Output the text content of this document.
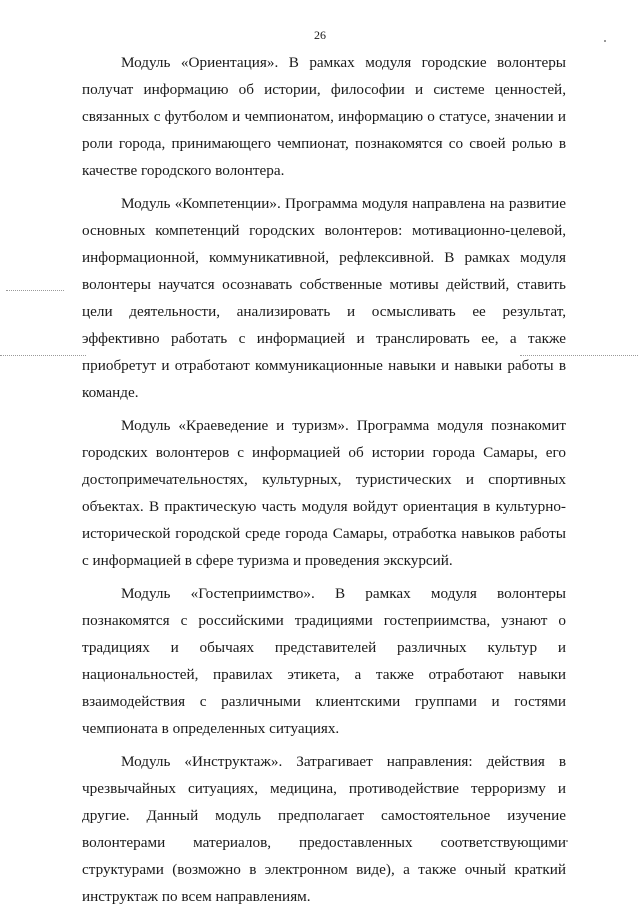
26

Модуль «Ориентация». В рамках модуля городские волонтеры получат информацию об истории, философии и системе ценностей, связанных с футболом и чемпионатом, информацию о статусе, значении и роли города, принимающего чемпионат, познакомятся со своей ролью в качестве городского волонтера.

Модуль «Компетенции». Программа модуля направлена на развитие основных компетенций городских волонтеров: мотивационно-целевой, информационной, коммуникативной, рефлексивной. В рамках модуля волонтеры научатся осознавать собственные мотивы действий, ставить цели деятельности, анализировать и осмысливать ее результат, эффективно работать с информацией и транслировать ее, а также приобретут и отработают коммуникационные навыки и навыки работы в команде.

Модуль «Краеведение и туризм». Программа модуля познакомит городских волонтеров с информацией об истории города Самары, его достопримечательностях, культурных, туристических и спортивных объектах. В практическую часть модуля войдут ориентация в культурно-исторической городской среде города Самары, отработка навыков работы с информацией в сфере туризма и проведения экскурсий.

Модуль «Гостеприимство». В рамках модуля волонтеры познакомятся с российскими традициями гостеприимства, узнают о традициях и обычаях представителей различных культур и национальностей, правилах этикета, а также отработают навыки взаимодействия с различными клиентскими группами и гостями чемпионата в определенных ситуациях.

Модуль «Инструктаж». Затрагивает направления: действия в чрезвычайных ситуациях, медицина, противодействие терроризму и другие. Данный модуль предполагает самостоятельное изучение волонтерами материалов, предоставленных соответствующими структурами (возможно в электронном виде), а также очный краткий инструктаж по всем направлениям.
